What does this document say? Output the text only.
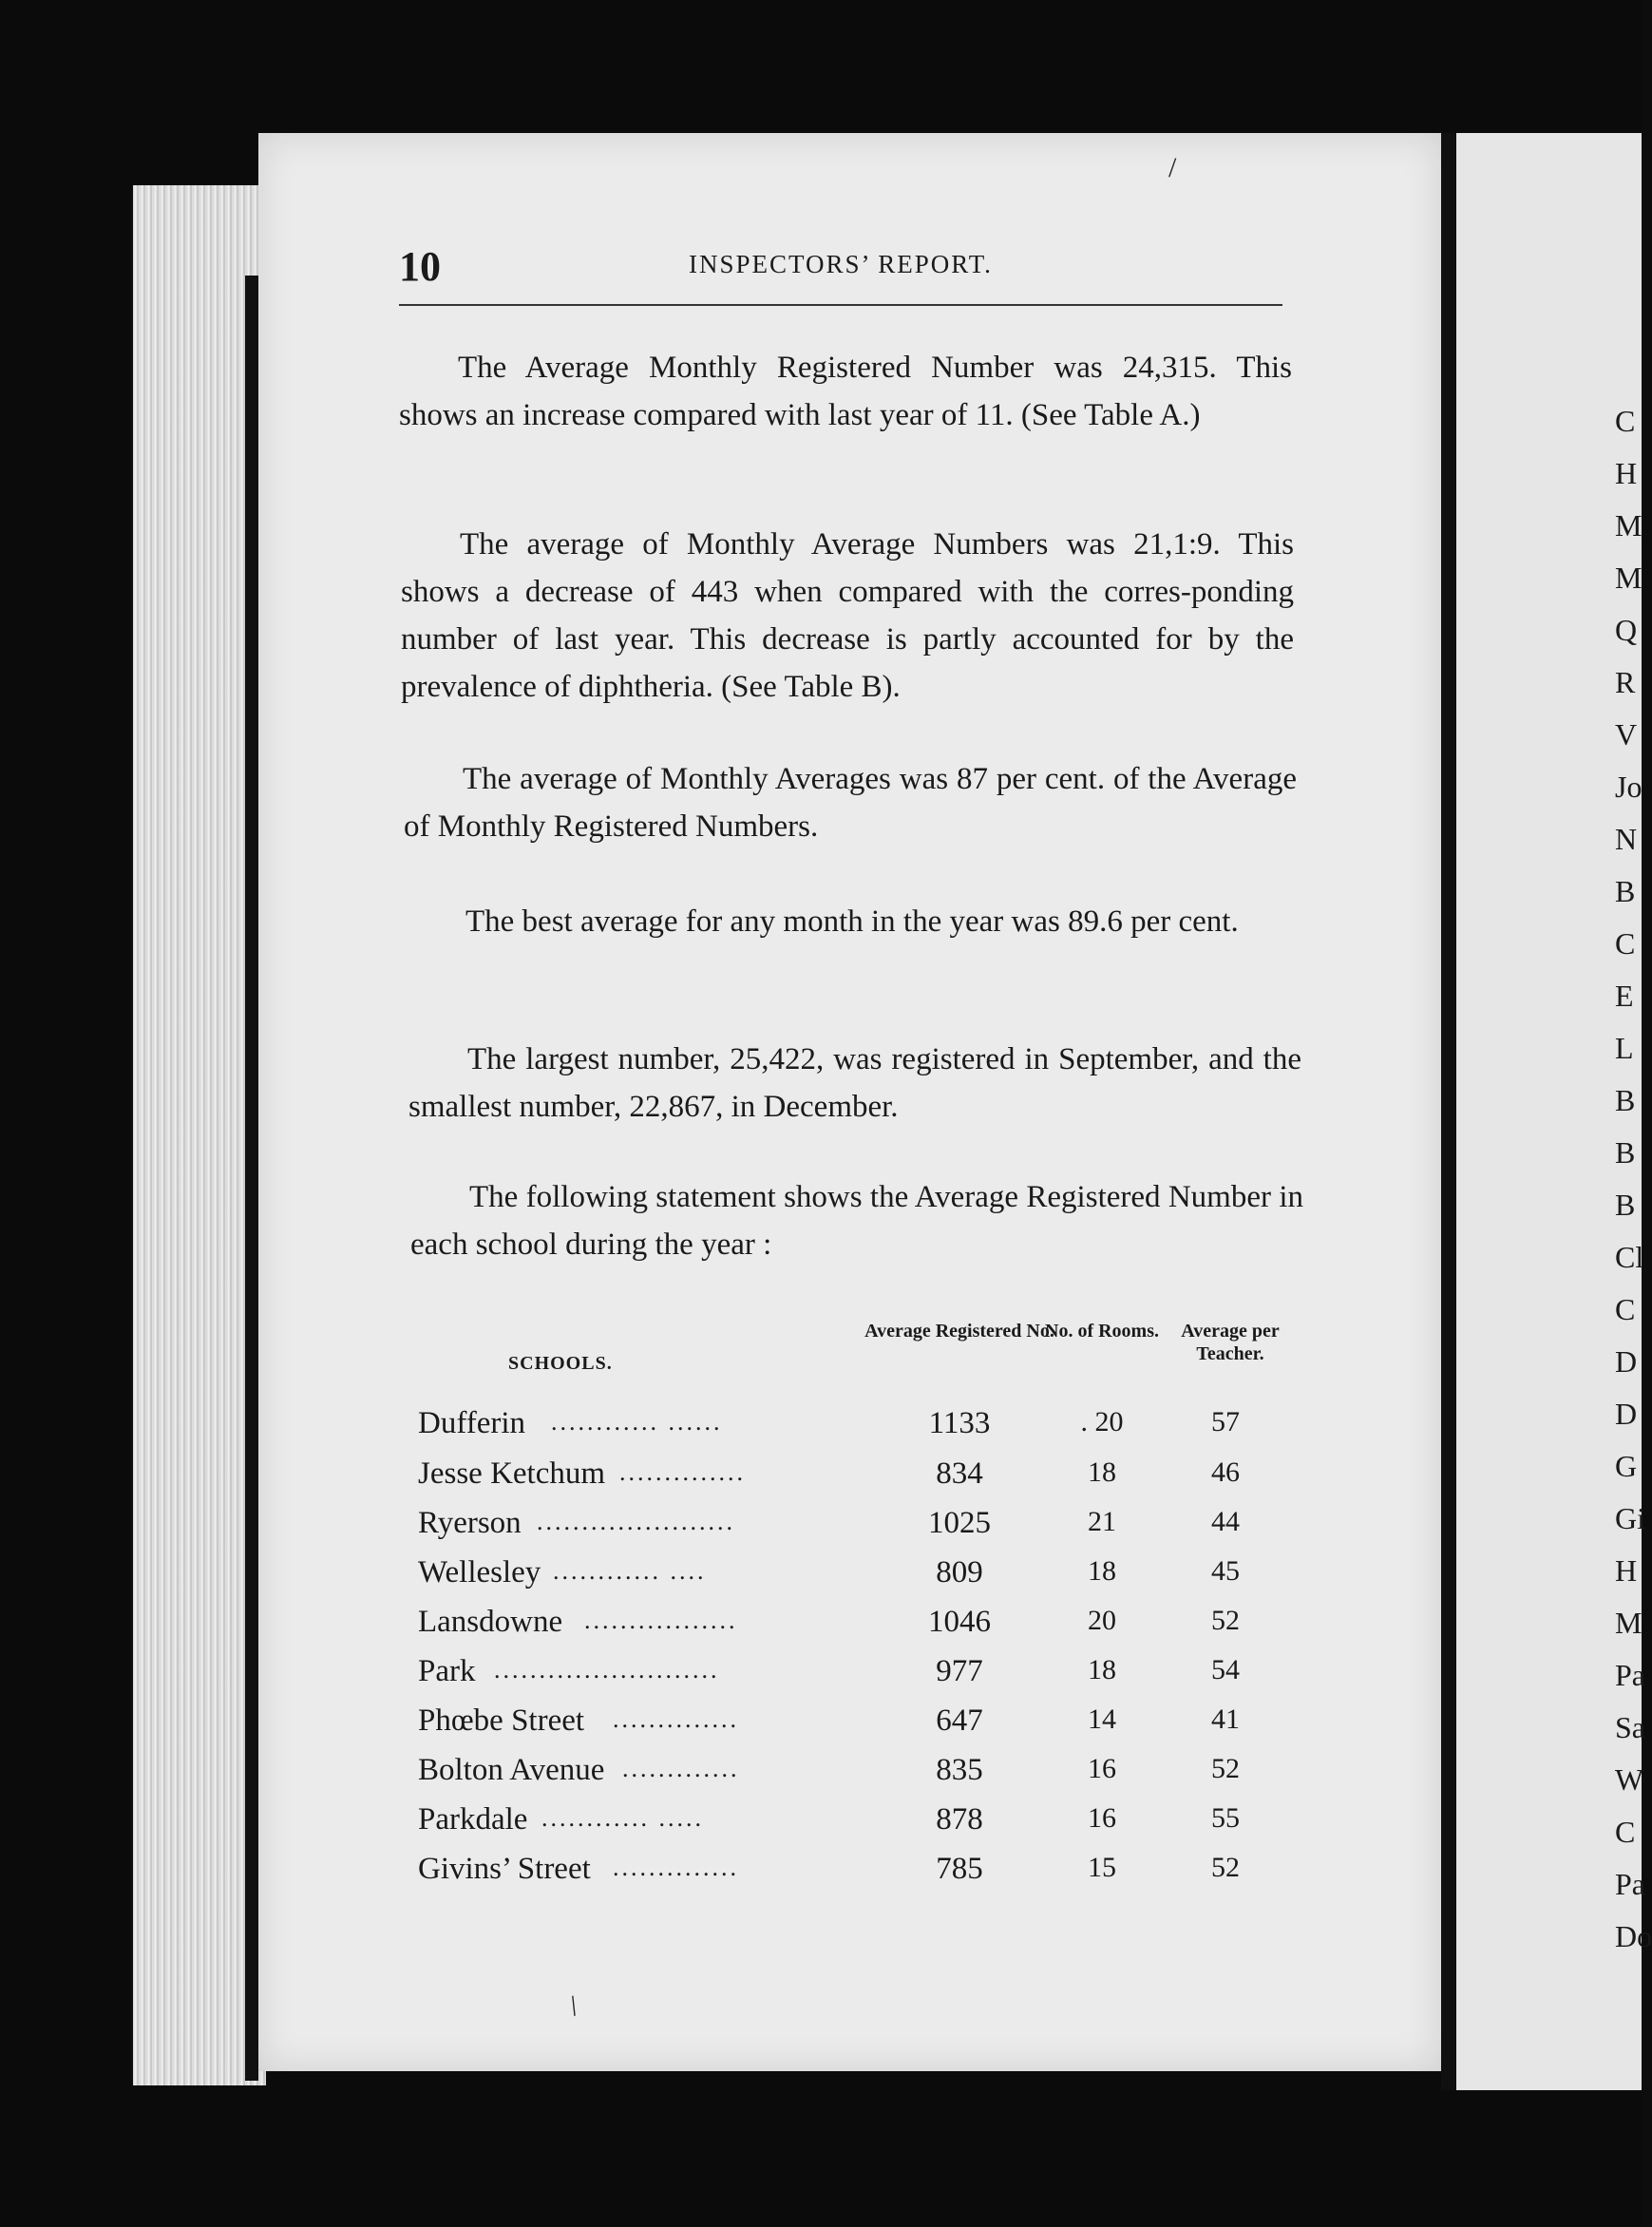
10	INSPECTORS’ REPORT.
The Average Monthly Registered Number was 24,315. This shows an increase compared with last year of 11. (See Table A.)
The average of Monthly Average Numbers was 21,1:9. This shows a decrease of 443 when compared with the corres-ponding number of last year. This decrease is partly accounted for by the prevalence of diphtheria. (See Table B).
The average of Monthly Averages was 87 per cent. of the Average of Monthly Registered Numbers.
The best average for any month in the year was 89.6 per cent.
The largest number, 25,422, was registered in September, and the smallest number, 22,867, in December.
The following statement shows the Average Registered Number in each school during the year :
SCHOOLS.
Average Registered No.
No. of Rooms.	Average per Teacher.
Dufferin ............ ......	1133	. 20	57
Jesse Ketchum ..............	834	18	46
Ryerson ......................	1025	21	44
Wellesley ............ ....	809	18	45
Lansdowne .................	1046	20	52
Park .........................	977	18	54
Phœbe Street ..............	647	14	41
Bolton Avenue .............	835	16	52
Parkdale ............ .....	878	16	55
Givins’ Street ..............	785	15	52
/
/
C
H
M
M
Q
R
V
Jo
N
B
C
E
L
B
B
B
Cl
C
D
D
G
Gi
H
M
Pa
Sa
W
C
Pa
Do
